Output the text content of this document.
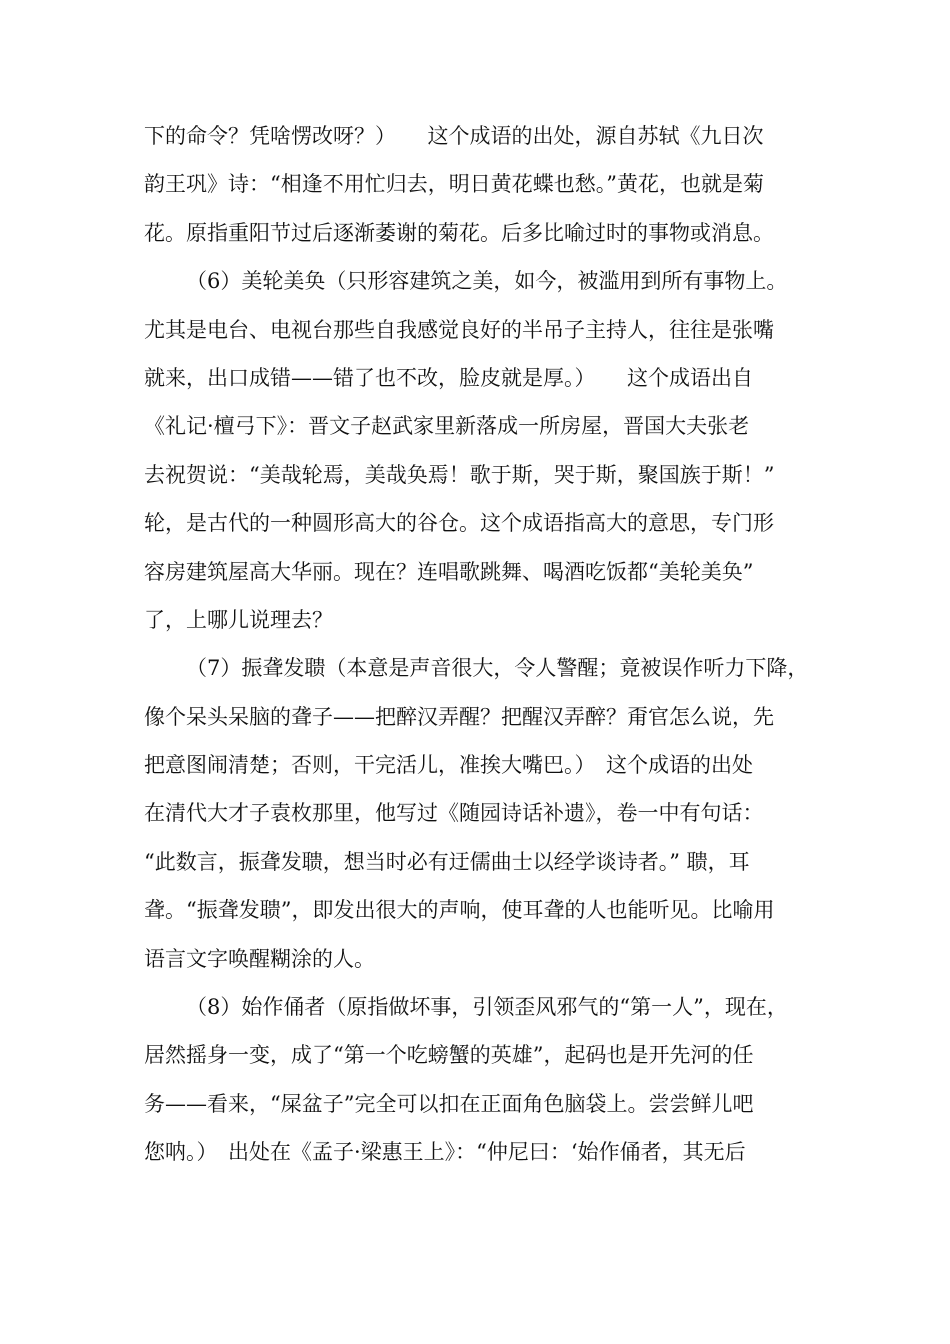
下的命令？凭啥愣改呀？）　　这个成语的出处，源自苏轼《九日次
韵王巩》诗：“相逢不用忙归去，明日黄花蝶也愁。”黄花，也就是菊
花。原指重阳节过后逐渐萎谢的菊花。后多比喻过时的事物或消息。
（6）美轮美奂（只形容建筑之美，如今，被滥用到所有事物上。
尤其是电台、电视台那些自我感觉良好的半吊子主持人，往往是张嘴
就来，出口成错——错了也不改，脸皮就是厚。）　　这个成语出自
《礼记·檀弓下》：晋文子赵武家里新落成一所房屋，晋国大夫张老
去祝贺说：“美哉轮焉，美哉奂焉！歌于斯，哭于斯，聚国族于斯！”
轮，是古代的一种圆形高大的谷仓。这个成语指高大的意思，专门形
容房建筑屋高大华丽。现在？连唱歌跳舞、喝酒吃饭都“美轮美奂”
了，上哪儿说理去？
（7）振聋发聩（本意是声音很大，令人警醒；竟被误作听力下降，
像个呆头呆脑的聋子——把醉汉弄醒？把醒汉弄醉？甭官怎么说，先
把意图闹清楚；否则，干完活儿，准挨大嘴巴。）　这个成语的出处
在清代大才子袁枚那里，他写过《随园诗话补遗》，卷一中有句话：
“此数言，振聋发聩，想当时必有迂儒曲士以经学谈诗者。” 聩，耳
聋。“振聋发聩”，即发出很大的声响，使耳聋的人也能听见。比喻用
语言文字唤醒糊涂的人。
（8）始作俑者（原指做坏事，引领歪风邪气的“第一人”，现在，
居然摇身一变，成了“第一个吃螃蟹的英雄”，起码也是开先河的任
务——看来，“屎盆子”完全可以扣在正面角色脑袋上。尝尝鲜儿吧
您呐。）　出处在《孟子·梁惠王上》：“仲尼曰：‘始作俑者，其无后
